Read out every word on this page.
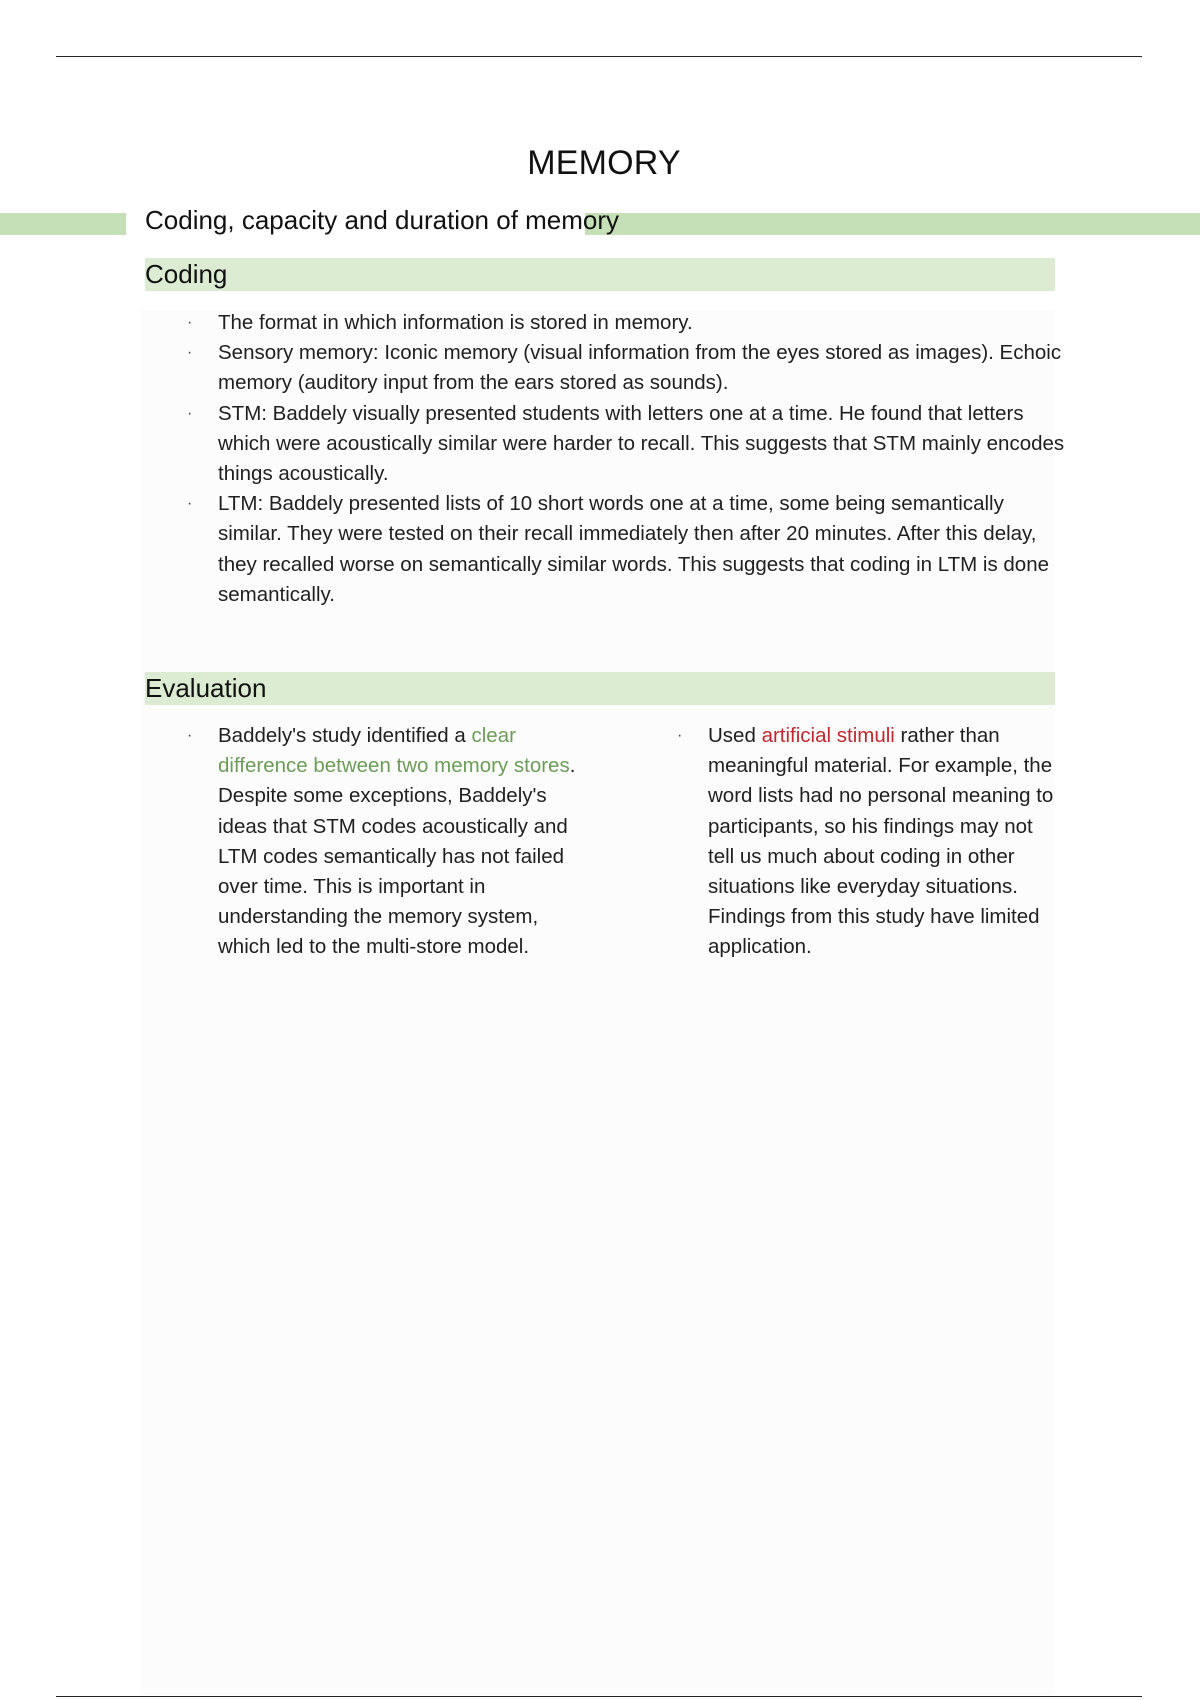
MEMORY
Coding, capacity and duration of memory
Coding
· The format in which information is stored in memory.
· Sensory memory: Iconic memory (visual information from the eyes stored as images). Echoic memory (auditory input from the ears stored as sounds).
· STM: Baddely visually presented students with letters one at a time. He found that letters which were acoustically similar were harder to recall. This suggests that STM mainly encodes things acoustically.
· LTM: Baddely presented lists of 10 short words one at a time, some being semantically similar. They were tested on their recall immediately then after 20 minutes. After this delay, they recalled worse on semantically similar words. This suggests that coding in LTM is done semantically.
Evaluation
· Baddely's study identified a clear difference between two memory stores. Despite some exceptions, Baddely's ideas that STM codes acoustically and LTM codes semantically has not failed over time. This is important in understanding the memory system, which led to the multi-store model.
· Used artificial stimuli rather than meaningful material. For example, the word lists had no personal meaning to participants, so his findings may not tell us much about coding in other situations like everyday situations. Findings from this study have limited application.
